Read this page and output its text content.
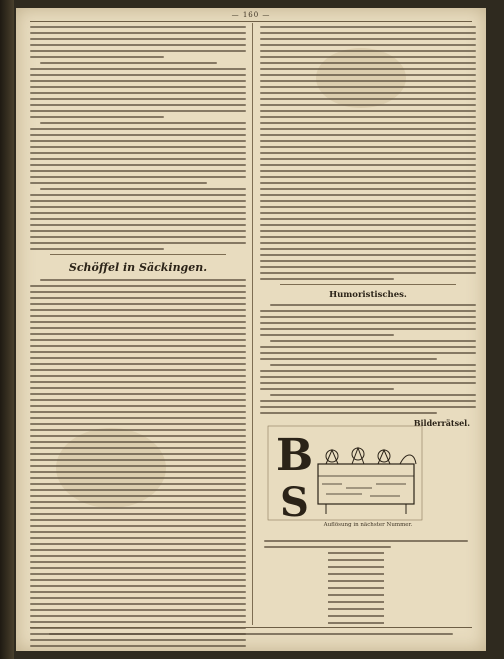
— 160 —
Schöffel in Säckingen.
Humoristisches.
Bilderrätsel.
B
S	Auflösung in nächster Nummer.
